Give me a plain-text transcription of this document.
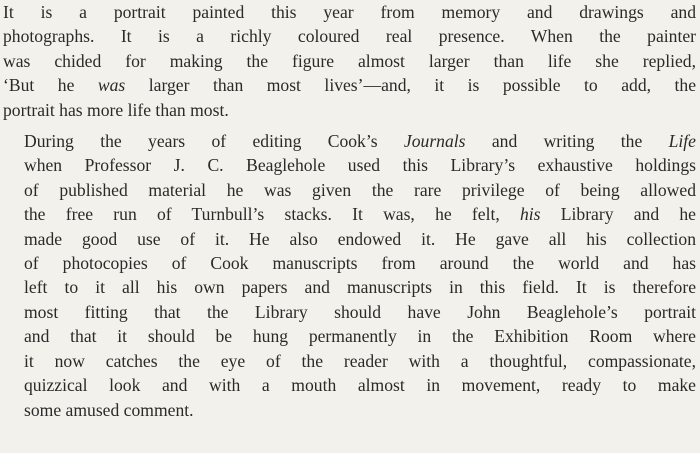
It is a portrait painted this year from memory and drawings and
photographs. It is a richly coloured real presence. When the painter
was chided for making the figure almost larger than life she replied,
‘But he was larger than most lives’—and, it is possible to add, the
portrait has more life than most.

During the years of editing Cook’s Journals and writing the Life
when Professor J. C. Beaglehole used this Library’s exhaustive holdings
of published material he was given the rare privilege of being allowed
the free run of Turnbull’s stacks. It was, he felt, his Library and he
made good use of it. He also endowed it. He gave all his collection
of photocopies of Cook manuscripts from around the world and has
left to it all his own papers and manuscripts in this field. It is therefore
most fitting that the Library should have John Beaglehole’s portrait
and that it should be hung permanently in the Exhibition Room where
it now catches the eye of the reader with a thoughtful, compassionate,
quizzical look and with a mouth almost in movement, ready to make
some amused comment.
